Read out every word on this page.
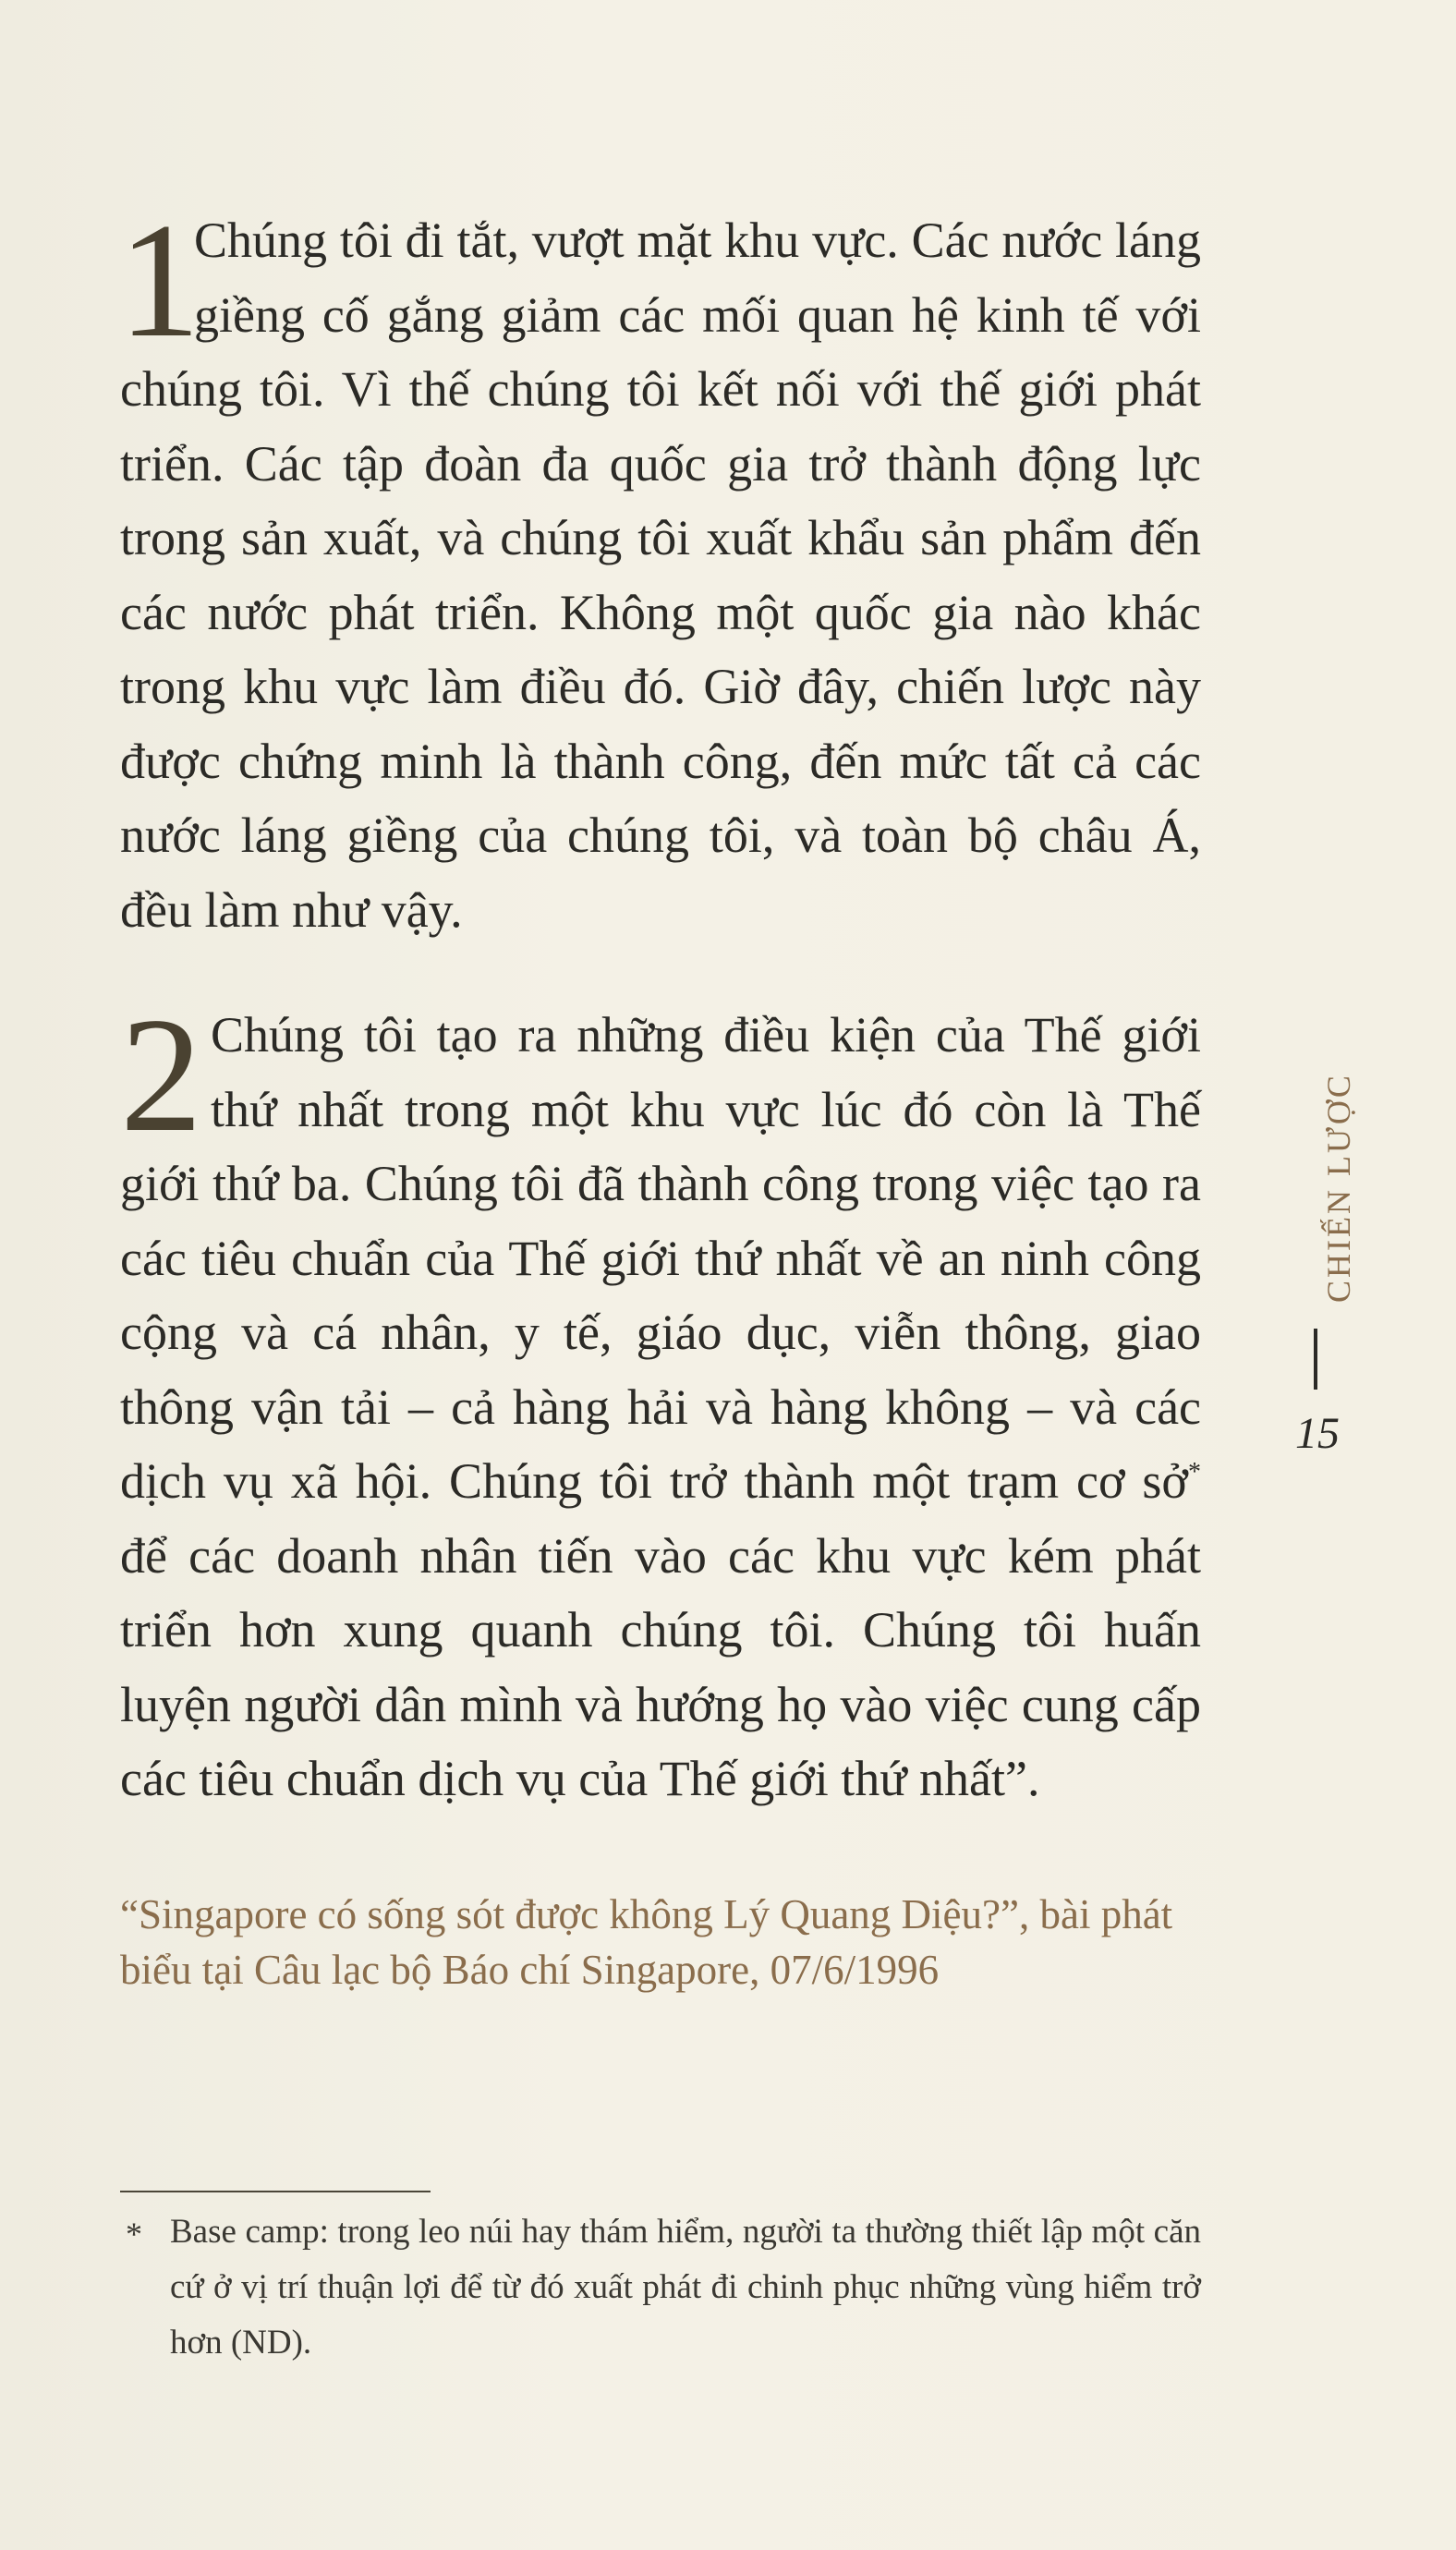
1

Chúng tôi đi tắt, vượt mặt khu vực. Các nước láng giềng cố gắng giảm các mối quan hệ kinh tế với chúng tôi. Vì thế chúng tôi kết nối với thế giới phát triển. Các tập đoàn đa quốc gia trở thành động lực trong sản xuất, và chúng tôi xuất khẩu sản phẩm đến các nước phát triển. Không một quốc gia nào khác trong khu vực làm điều đó. Giờ đây, chiến lược này được chứng minh là thành công, đến mức tất cả các nước láng giềng của chúng tôi, và toàn bộ châu Á, đều làm như vậy.

2 Chúng tôi tạo ra những điều kiện của Thế giới thứ nhất trong một khu vực lúc đó còn là Thế giới thứ ba. Chúng tôi đã thành công trong việc tạo ra các tiêu chuẩn của Thế giới thứ nhất về an ninh công cộng và cá nhân, y tế, giáo dục, viễn thông, giao thông vận tải – cả hàng hải và hàng không – và các dịch vụ xã hội. Chúng tôi trở thành một trạm cơ sở* để các doanh nhân tiến vào các khu vực kém phát triển hơn xung quanh chúng tôi. Chúng tôi huấn luyện người dân mình và hướng họ vào việc cung cấp các tiêu chuẩn dịch vụ của Thế giới thứ nhất”.

“Singapore có sống sót được không Lý Quang Diệu?”, bài phát biểu tại Câu lạc bộ Báo chí Singapore, 07/6/1996

* Base camp: trong leo núi hay thám hiểm, người ta thường thiết lập một căn cứ ở vị trí thuận lợi để từ đó xuất phát đi chinh phục những vùng hiểm trở hơn (ND).
CHIẾN LƯỢC
15
